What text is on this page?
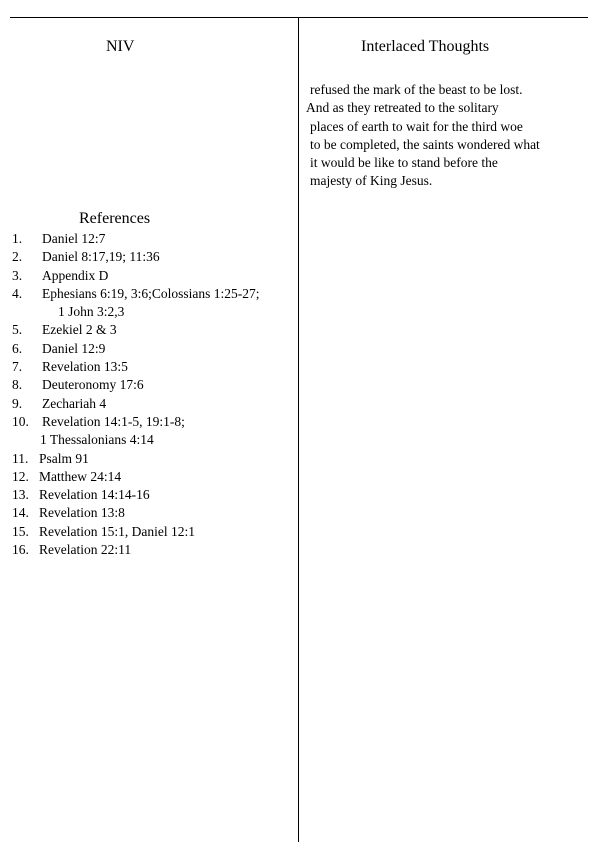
NIV	Interlaced Thoughts
refused the mark of the beast to be lost.
And as they retreated to the solitary
places of earth to wait for the third woe
to be completed, the saints wondered what
it would be like to stand before the
majesty of King Jesus.
References
1. Daniel 12:7
2. Daniel 8:17,19; 11:36
3. Appendix D
4. Ephesians 6:19, 3:6;Colossians 1:25-27;
1 John 3:2,3
5. Ezekiel 2 & 3
6. Daniel 12:9
7. Revelation 13:5
8. Deuteronomy 17:6
9. Zechariah 4
10. Revelation 14:1-5, 19:1-8;
1 Thessalonians 4:14
11. Psalm 91
12. Matthew 24:14
13. Revelation 14:14-16
14. Revelation 13:8
15. Revelation 15:1, Daniel 12:1
16. Revelation 22:11
